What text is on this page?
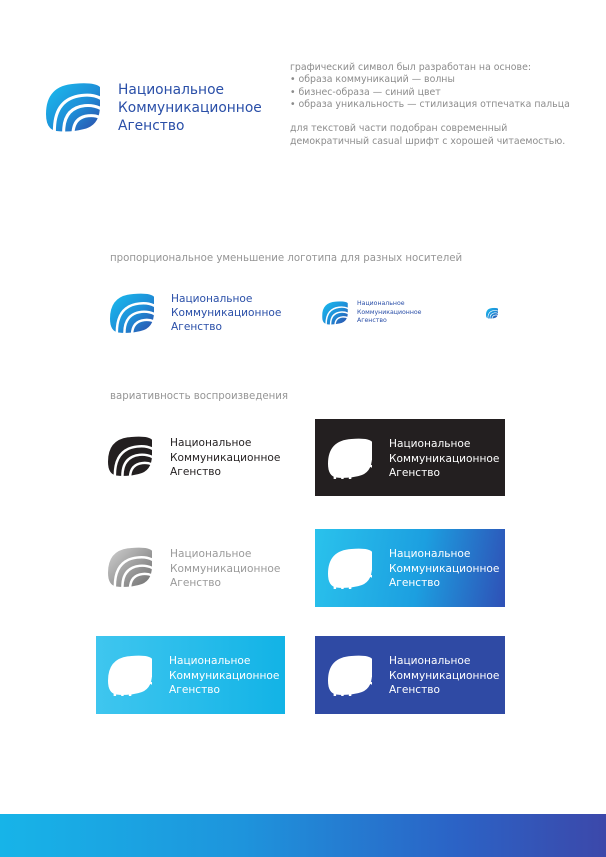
Национальное
Коммуникационное
Агенство

графический символ был разработан на основе:

• образа коммуникаций — волны

• бизнес-образа — синий цвет

• образа уникальность — стилизация отпечатка пальца

для текстовй части подобран современный

демократичный casual шрифт с хорошей читаемостью.

пропорциональное уменьшение логотипа для разных носителей
Национальное
Коммуникационное
Агенство
Национальное
Коммуникационное
Агенство
вариативность воспроизведения
Национальное
Коммуникационное
Агенство
Национальное
Коммуникационное
Агенство
Национальное
Коммуникационное
Агенство
Национальное
Коммуникационное
Агенство
Национальное
Коммуникационное
Агенство
Национальное
Коммуникационное
Агенство
